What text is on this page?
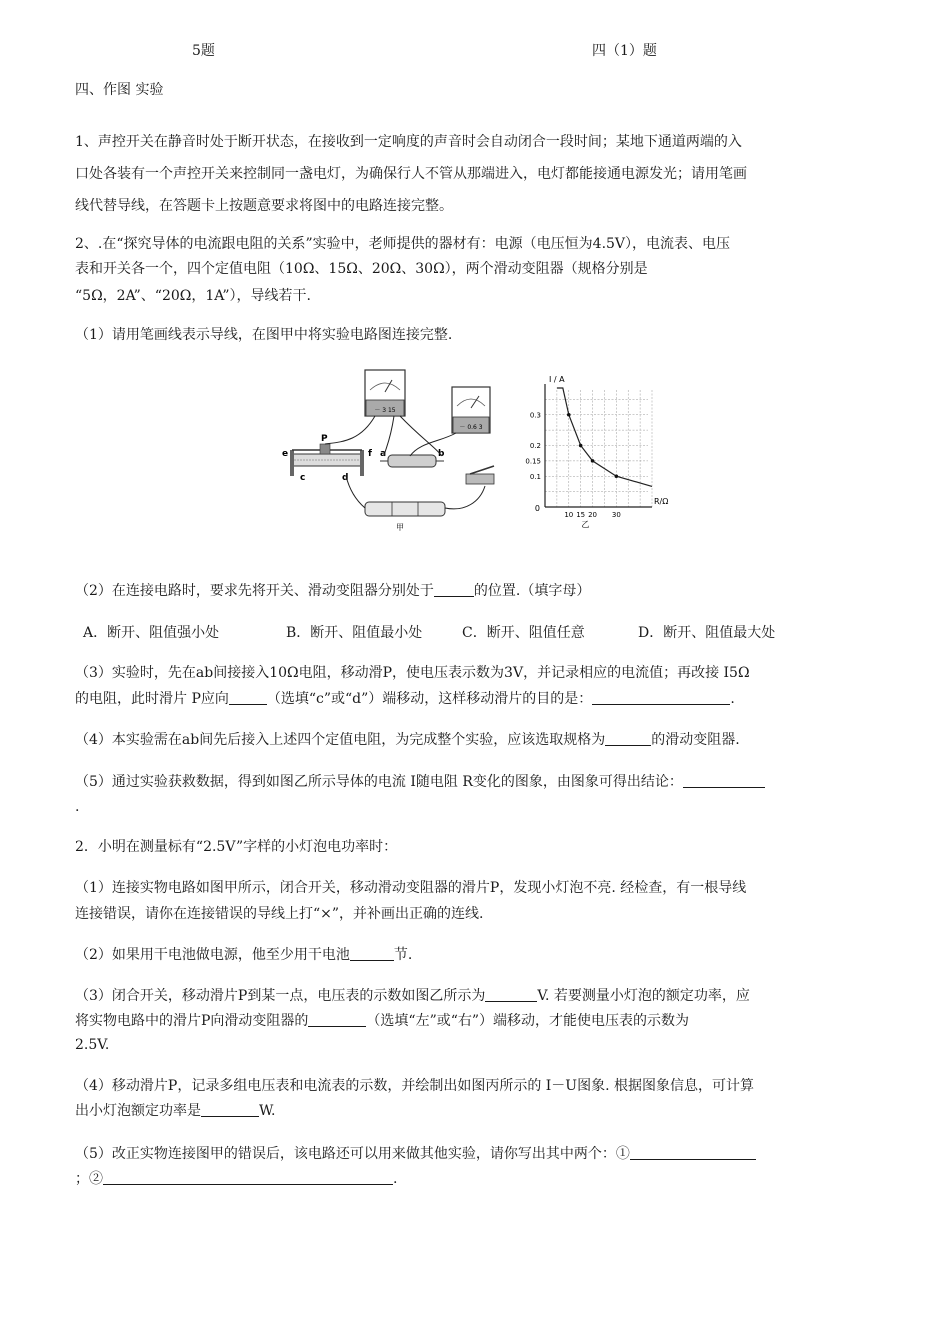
5题	四（1）题
四、作图 实验
1、声控开关在静音时处于断开状态，在接收到一定响度的声音时会自动闭合一段时间；某地下通道两端的入
口处各装有一个声控开关来控制同一盏电灯，为确保行人不管从那端进入，电灯都能接通电源发光；请用笔画
线代替导线，在答题卡上按题意要求将图中的电路连接完整。
2、.在“探究导体的电流跟电阻的关系”实验中，老师提供的器材有：电源（电压恒为4.5V），电流表、电压
表和开关各一个，四个定值电阻（10Ω、15Ω、20Ω、30Ω），两个滑动变阻器（规格分别是
“5Ω，2A”、“20Ω，1A”），导线若干.
（1）请用笔画线表示导线，在图甲中将实验电路图连接完整.
－ 3 15
－ 0.6 3
e
P
f
c	d
a	b
甲
10 15 20 30
0.1
0.15
0.2
0.3
I / A
R/Ω
0
乙
（2）在连接电路时，要求先将开关、滑动变阻器分别处于	的位置.（填字母）
A．断开、阻值强小处	B．断开、阻值最小处	C．断开、阻值任意	D．断开、阻值最大处
（3）实验时，先在ab间接接入10Ω电阻，移动滑P，使电压表示数为3V，并记录相应的电流值；再改接 I5Ω
的电阻，此时滑片 P应向	（选填“c”或“d”）端移动，这样移动滑片的目的是：	.
（4）本实验需在ab间先后接入上述四个定值电阻，为完成整个实验，应该选取规格为	的滑动变阻器.
（5）通过实验获救数据，得到如图乙所示导体的电流 I随电阻 R变化的图象，由图象可得出结论：
.
2．小明在测量标有“2.5V”字样的小灯泡电功率时：
（1）连接实物电路如图甲所示，闭合开关，移动滑动变阻器的滑片P，发现小灯泡不亮. 经检查，有一根导线
连接错误，请你在连接错误的导线上打“×”，并补画出正确的连线.
（2）如果用干电池做电源，他至少用干电池	节.
（3）闭合开关，移动滑片P到某一点，电压表的示数如图乙所示为	V. 若要测量小灯泡的额定功率，应
将实物电路中的滑片P向滑动变阻器的	（选填“左”或“右”）端移动，才能使电压表的示数为
2.5V.
（4）移动滑片P，记录多组电压表和电流表的示数，并绘制出如图丙所示的 I－U图象. 根据图象信息，可计算
出小灯泡额定功率是	W.
（5）改正实物连接图甲的错误后，该电路还可以用来做其他实验，请你写出其中两个：①
；②	.
